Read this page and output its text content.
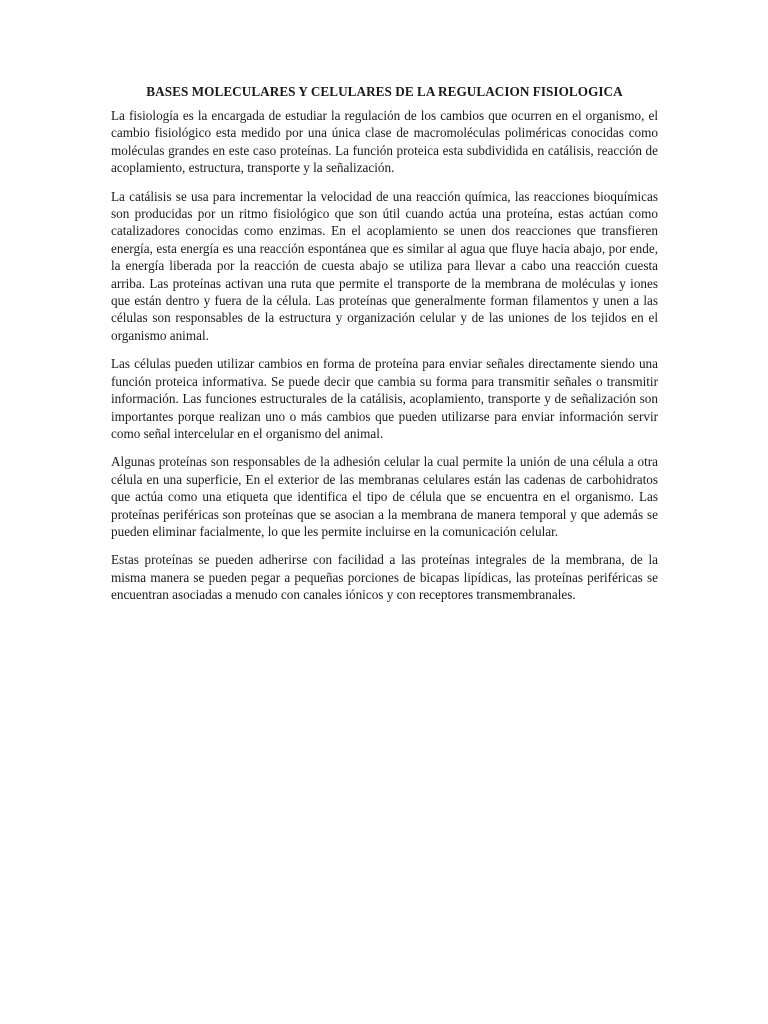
BASES MOLECULARES Y CELULARES DE LA REGULACION FISIOLOGICA

La fisiología es la encargada de estudiar la regulación de los cambios que ocurren en el organismo, el cambio fisiológico esta medido por una única clase de macromoléculas poliméricas conocidas como moléculas grandes en este caso proteínas. La función proteica esta subdividida en catálisis, reacción de acoplamiento, estructura, transporte y la señalización.

La catálisis se usa para incrementar la velocidad de una reacción química, las reacciones bioquímicas son producidas por un ritmo fisiológico que son útil cuando actúa una proteína, estas actúan como catalizadores conocidas como enzimas. En el acoplamiento se unen dos reacciones que transfieren energía, esta energía es una reacción espontánea que es similar al agua que fluye hacia abajo, por ende, la energía liberada por la reacción de cuesta abajo se utiliza para llevar a cabo una reacción cuesta arriba. Las proteínas activan una ruta que permite el transporte de la membrana de moléculas y iones que están dentro y fuera de la célula. Las proteínas que generalmente forman filamentos y unen a las células son responsables de la estructura y organización celular y de las uniones de los tejidos en el organismo animal.

Las células pueden utilizar cambios en forma de proteína para enviar señales directamente siendo una función proteica informativa. Se puede decir que cambia su forma para transmitir señales o transmitir información. Las funciones estructurales de la catálisis, acoplamiento, transporte y de señalización son importantes porque realizan uno o más cambios que pueden utilizarse para enviar información servir como señal intercelular en el organismo del animal.

Algunas proteínas son responsables de la adhesión celular la cual permite la unión de una célula a otra célula en una superficie, En el exterior de las membranas celulares están las cadenas de carbohidratos que actúa como una etiqueta que identifica el tipo de célula que se encuentra en el organismo. Las proteínas periféricas son proteínas que se asocian a la membrana de manera temporal y que además se pueden eliminar facialmente, lo que les permite incluirse en la comunicación celular.

Estas proteínas se pueden adherirse con facilidad a las proteínas integrales de la membrana, de la misma manera se pueden pegar a pequeñas porciones de bicapas lipídicas, las proteínas periféricas se encuentran asociadas a menudo con canales iónicos y con receptores transmembranales.
